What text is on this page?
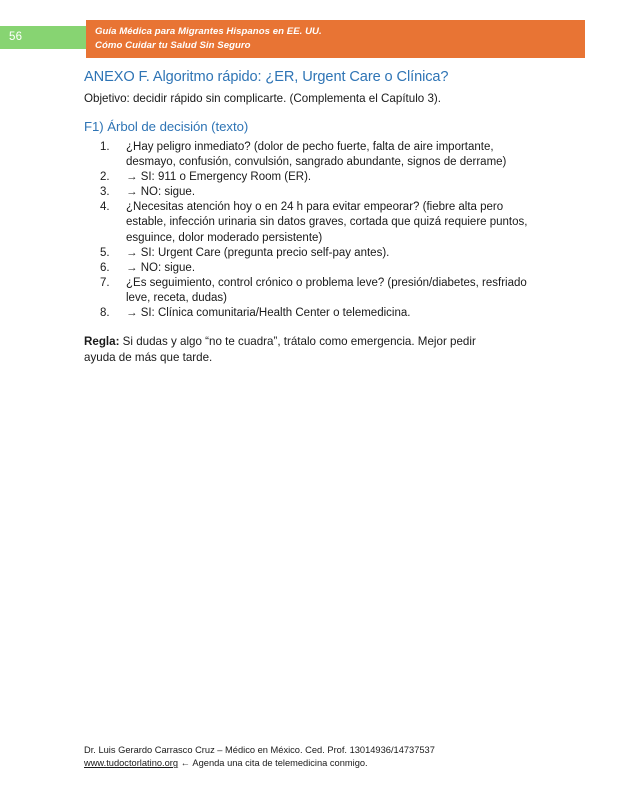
56	Guía Médica para Migrantes Hispanos en EE. UU.
Cómo Cuidar tu Salud Sin Seguro
ANEXO F. Algoritmo rápido: ¿ER, Urgent Care o Clínica?

Objetivo: decidir rápido sin complicarte. (Complementa el Capítulo 3).

F1) Árbol de decisión (texto)
¿Hay peligro inmediato? (dolor de pecho fuerte, falta de aire importante, desmayo, confusión, convulsión, sangrado abundante, signos de derrame)
→ SI: 911 o Emergency Room (ER).
→ NO: sigue.
¿Necesitas atención hoy o en 24 h para evitar empeorar? (fiebre alta pero estable, infección urinaria sin datos graves, cortada que quizá requiere puntos, esguince, dolor moderado persistente)
→ SI: Urgent Care (pregunta precio self-pay antes).
→ NO: sigue.
¿Es seguimiento, control crónico o problema leve? (presión/diabetes, resfriado leve, receta, dudas)
→ SI: Clínica comunitaria/Health Center o telemedicina.

Regla: Si dudas y algo “no te cuadra”, trátalo como emergencia. Mejor pedir ayuda de más que tarde.

Dr. Luis Gerardo Carrasco Cruz – Médico en México. Ced. Prof. 13014936/14737537
www.tudoctorlatino.org ← Agenda una cita de telemedicina conmigo.
